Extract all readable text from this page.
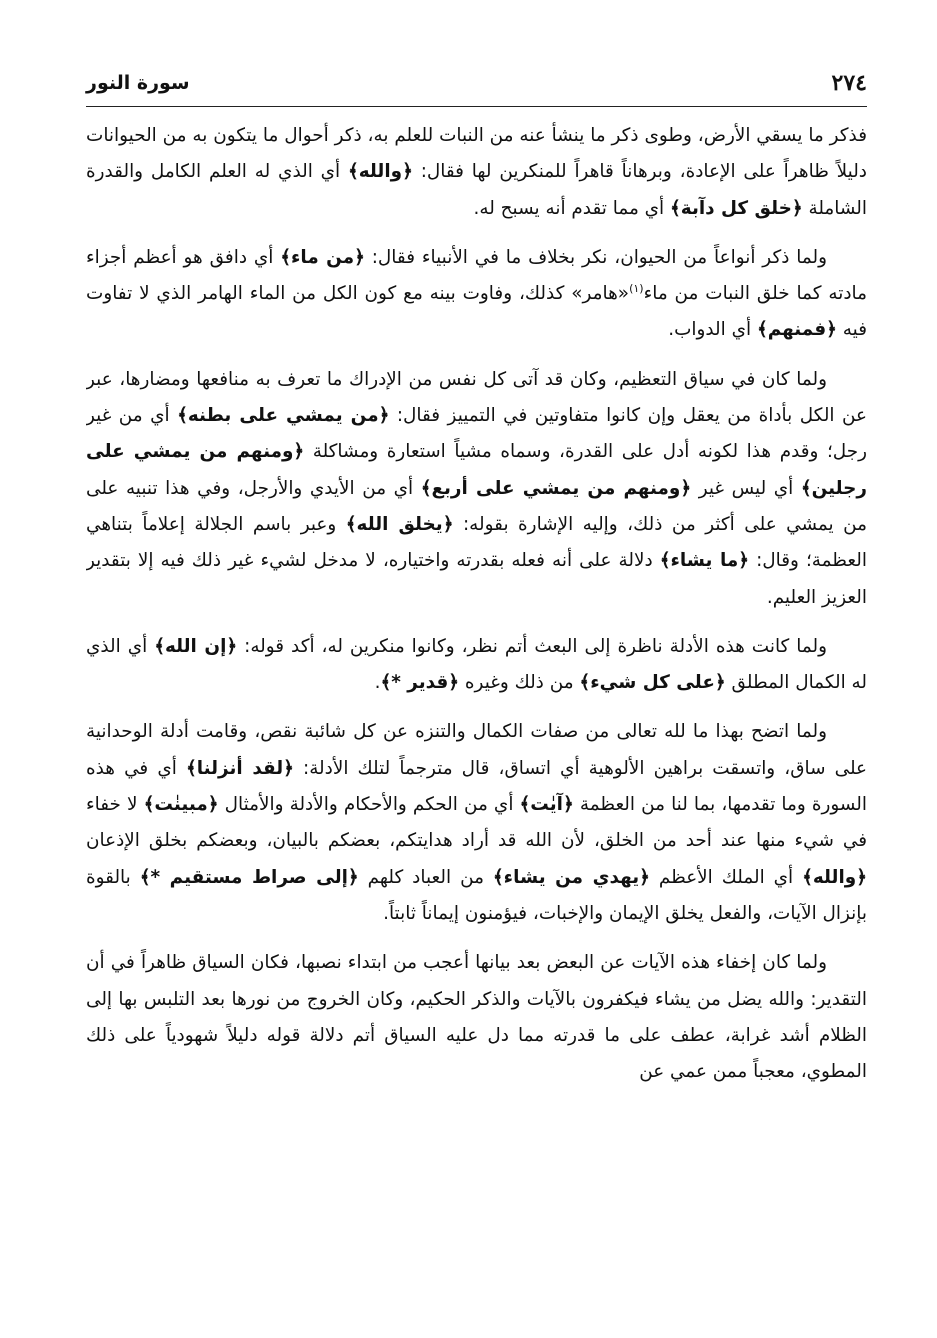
٢٧٤
سورة النور

فذكر ما يسقي الأرض، وطوى ذكر ما ينشأ عنه من النبات للعلم به، ذكر أحوال ما يتكون به من الحيوانات دليلاً ظاهراً على الإعادة، وبرهاناً قاهراً للمنكرين لها فقال: ﴿والله﴾ أي الذي له العلم الكامل والقدرة الشاملة ﴿خلق كل دآبة﴾ أي مما تقدم أنه يسبح له.

ولما ذكر أنواعاً من الحيوان، نكر بخلاف ما في الأنبياء فقال: ﴿من ماء﴾ أي دافق هو أعظم أجزاء مادته كما خلق النبات من ماء$^{(١)}$«هامر» كذلك، وفاوت بينه مع كون الكل من الماء الهامر الذي لا تفاوت فيه ﴿فمنهم﴾ أي الدواب.

ولما كان في سياق التعظيم، وكان قد آتى كل نفس من الإدراك ما تعرف به منافعها ومضارها، عبر عن الكل بأداة من يعقل وإن كانوا متفاوتين في التمييز فقال: ﴿من يمشي على بطنه﴾ أي من غير رجل؛ وقدم هذا لكونه أدل على القدرة، وسماه مشياً استعارة ومشاكلة ﴿ومنهم من يمشي على رجلين﴾ أي ليس غير ﴿ومنهم من يمشي على أربع﴾ أي من الأيدي والأرجل، وفي هذا تنبيه على من يمشي على أكثر من ذلك، وإليه الإشارة بقوله: ﴿يخلق الله﴾ وعبر باسم الجلالة إعلاماً بتناهي العظمة؛ وقال: ﴿ما يشاء﴾ دلالة على أنه فعله بقدرته واختياره، لا مدخل لشيء غير ذلك فيه إلا بتقدير العزيز العليم.

ولما كانت هذه الأدلة ناظرة إلى البعث أتم نظر، وكانوا منكرين له، أكد قوله: ﴿إن الله﴾ أي الذي له الكمال المطلق ﴿على كل شيء﴾ من ذلك وغيره ﴿قدير *﴾.

ولما اتضح بهذا ما لله تعالى من صفات الكمال والتنزه عن كل شائبة نقص، وقامت أدلة الوحدانية على ساق، واتسقت براهين الألوهية أي اتساق، قال مترجماً لتلك الأدلة: ﴿لقد أنزلنا﴾ أي في هذه السورة وما تقدمها، بما لنا من العظمة ﴿آيٰت﴾ أي من الحكم والأحكام والأدلة والأمثال ﴿مبينٰت﴾ لا خفاء في شيء منها عند أحد من الخلق، لأن الله قد أراد هدايتكم، بعضكم بالبيان، وبعضكم بخلق الإذعان ﴿والله﴾ أي الملك الأعظم ﴿يهدي من يشاء﴾ من العباد كلهم ﴿إلى صراط مستقيم *﴾ بالقوة بإنزال الآيات، والفعل يخلق الإيمان والإخبات، فيؤمنون إيماناً ثابتاً.

ولما كان إخفاء هذه الآيات عن البعض بعد بيانها أعجب من ابتداء نصبها، فكان السياق ظاهراً في أن التقدير: والله يضل من يشاء فيكفرون بالآيات والذكر الحكيم، وكان الخروج من نورها بعد التلبس بها إلى الظلام أشد غرابة، عطف على ما قدرته مما دل عليه السياق أتم دلالة قوله دليلاً شهودياً على ذلك المطوي، معجباً ممن عمي عن
